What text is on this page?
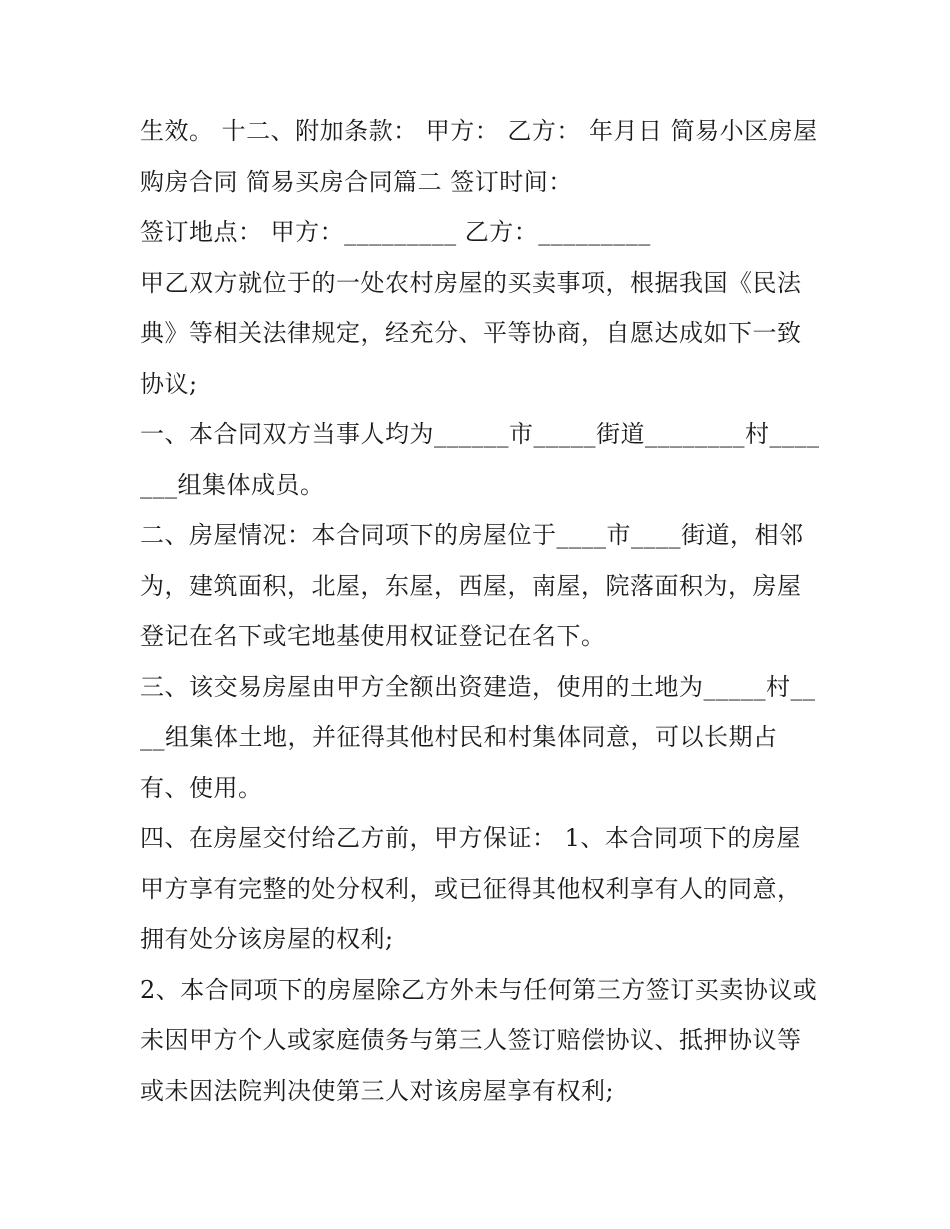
生效。 十二、附加条款： 甲方： 乙方： 年月日 简易小区房屋购房合同 简易买房合同篇二 签订时间：

签订地点： 甲方：_________ 乙方：_________

甲乙双方就位于的一处农村房屋的买卖事项，根据我国《民法典》等相关法律规定，经充分、平等协商，自愿达成如下一致协议;

一、本合同双方当事人均为______市_____街道________村_______组集体成员。

二、房屋情况：本合同项下的房屋位于____市____街道，相邻为，建筑面积，北屋，东屋，西屋，南屋，院落面积为，房屋登记在名下或宅地基使用权证登记在名下。

三、该交易房屋由甲方全额出资建造，使用的土地为_____村____组集体土地，并征得其他村民和村集体同意，可以长期占有、使用。

四、在房屋交付给乙方前，甲方保证： 1、本合同项下的房屋甲方享有完整的处分权利，或已征得其他权利享有人的同意，拥有处分该房屋的权利;

2、本合同项下的房屋除乙方外未与任何第三方签订买卖协议或未因甲方个人或家庭债务与第三人签订赔偿协议、抵押协议等或未因法院判决使第三人对该房屋享有权利;
